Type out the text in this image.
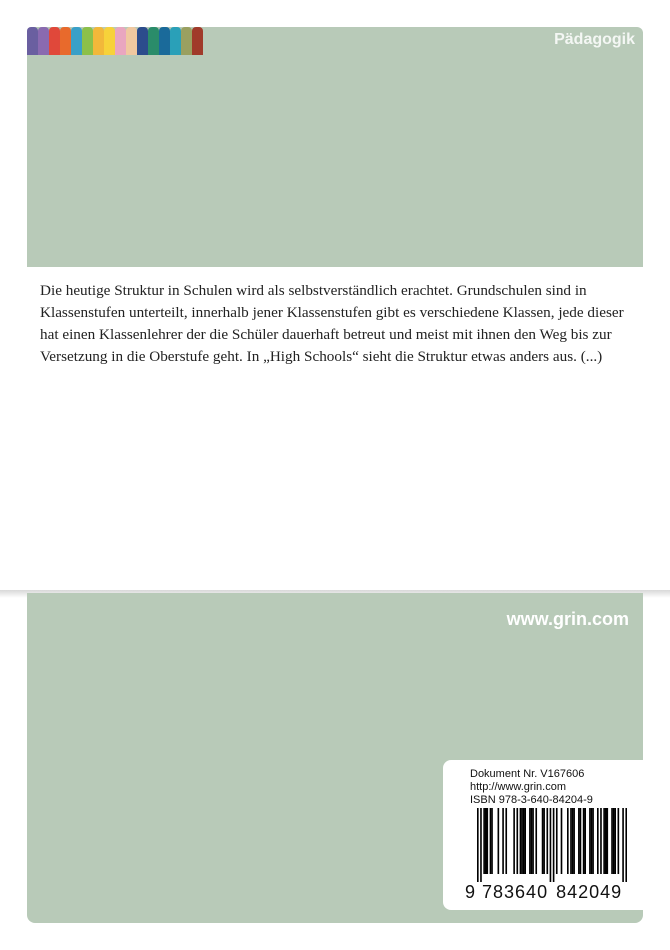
Pädagogik

Die heutige Struktur in Schulen wird als selbstverständlich erachtet. Grundschulen sind in Klassenstufen unterteilt, innerhalb jener Klassenstufen gibt es verschiedene Klassen, jede dieser hat einen Klassenlehrer der die Schüler dauerhaft betreut und meist mit ihnen den Weg bis zur Versetzung in die Oberstufe geht. In „High Schools“ sieht die Struktur etwas anders aus. (...)

www.grin.com
Dokument Nr. V167606
http://www.grin.com
ISBN 978-3-640-84204-9
9 783640 842049
